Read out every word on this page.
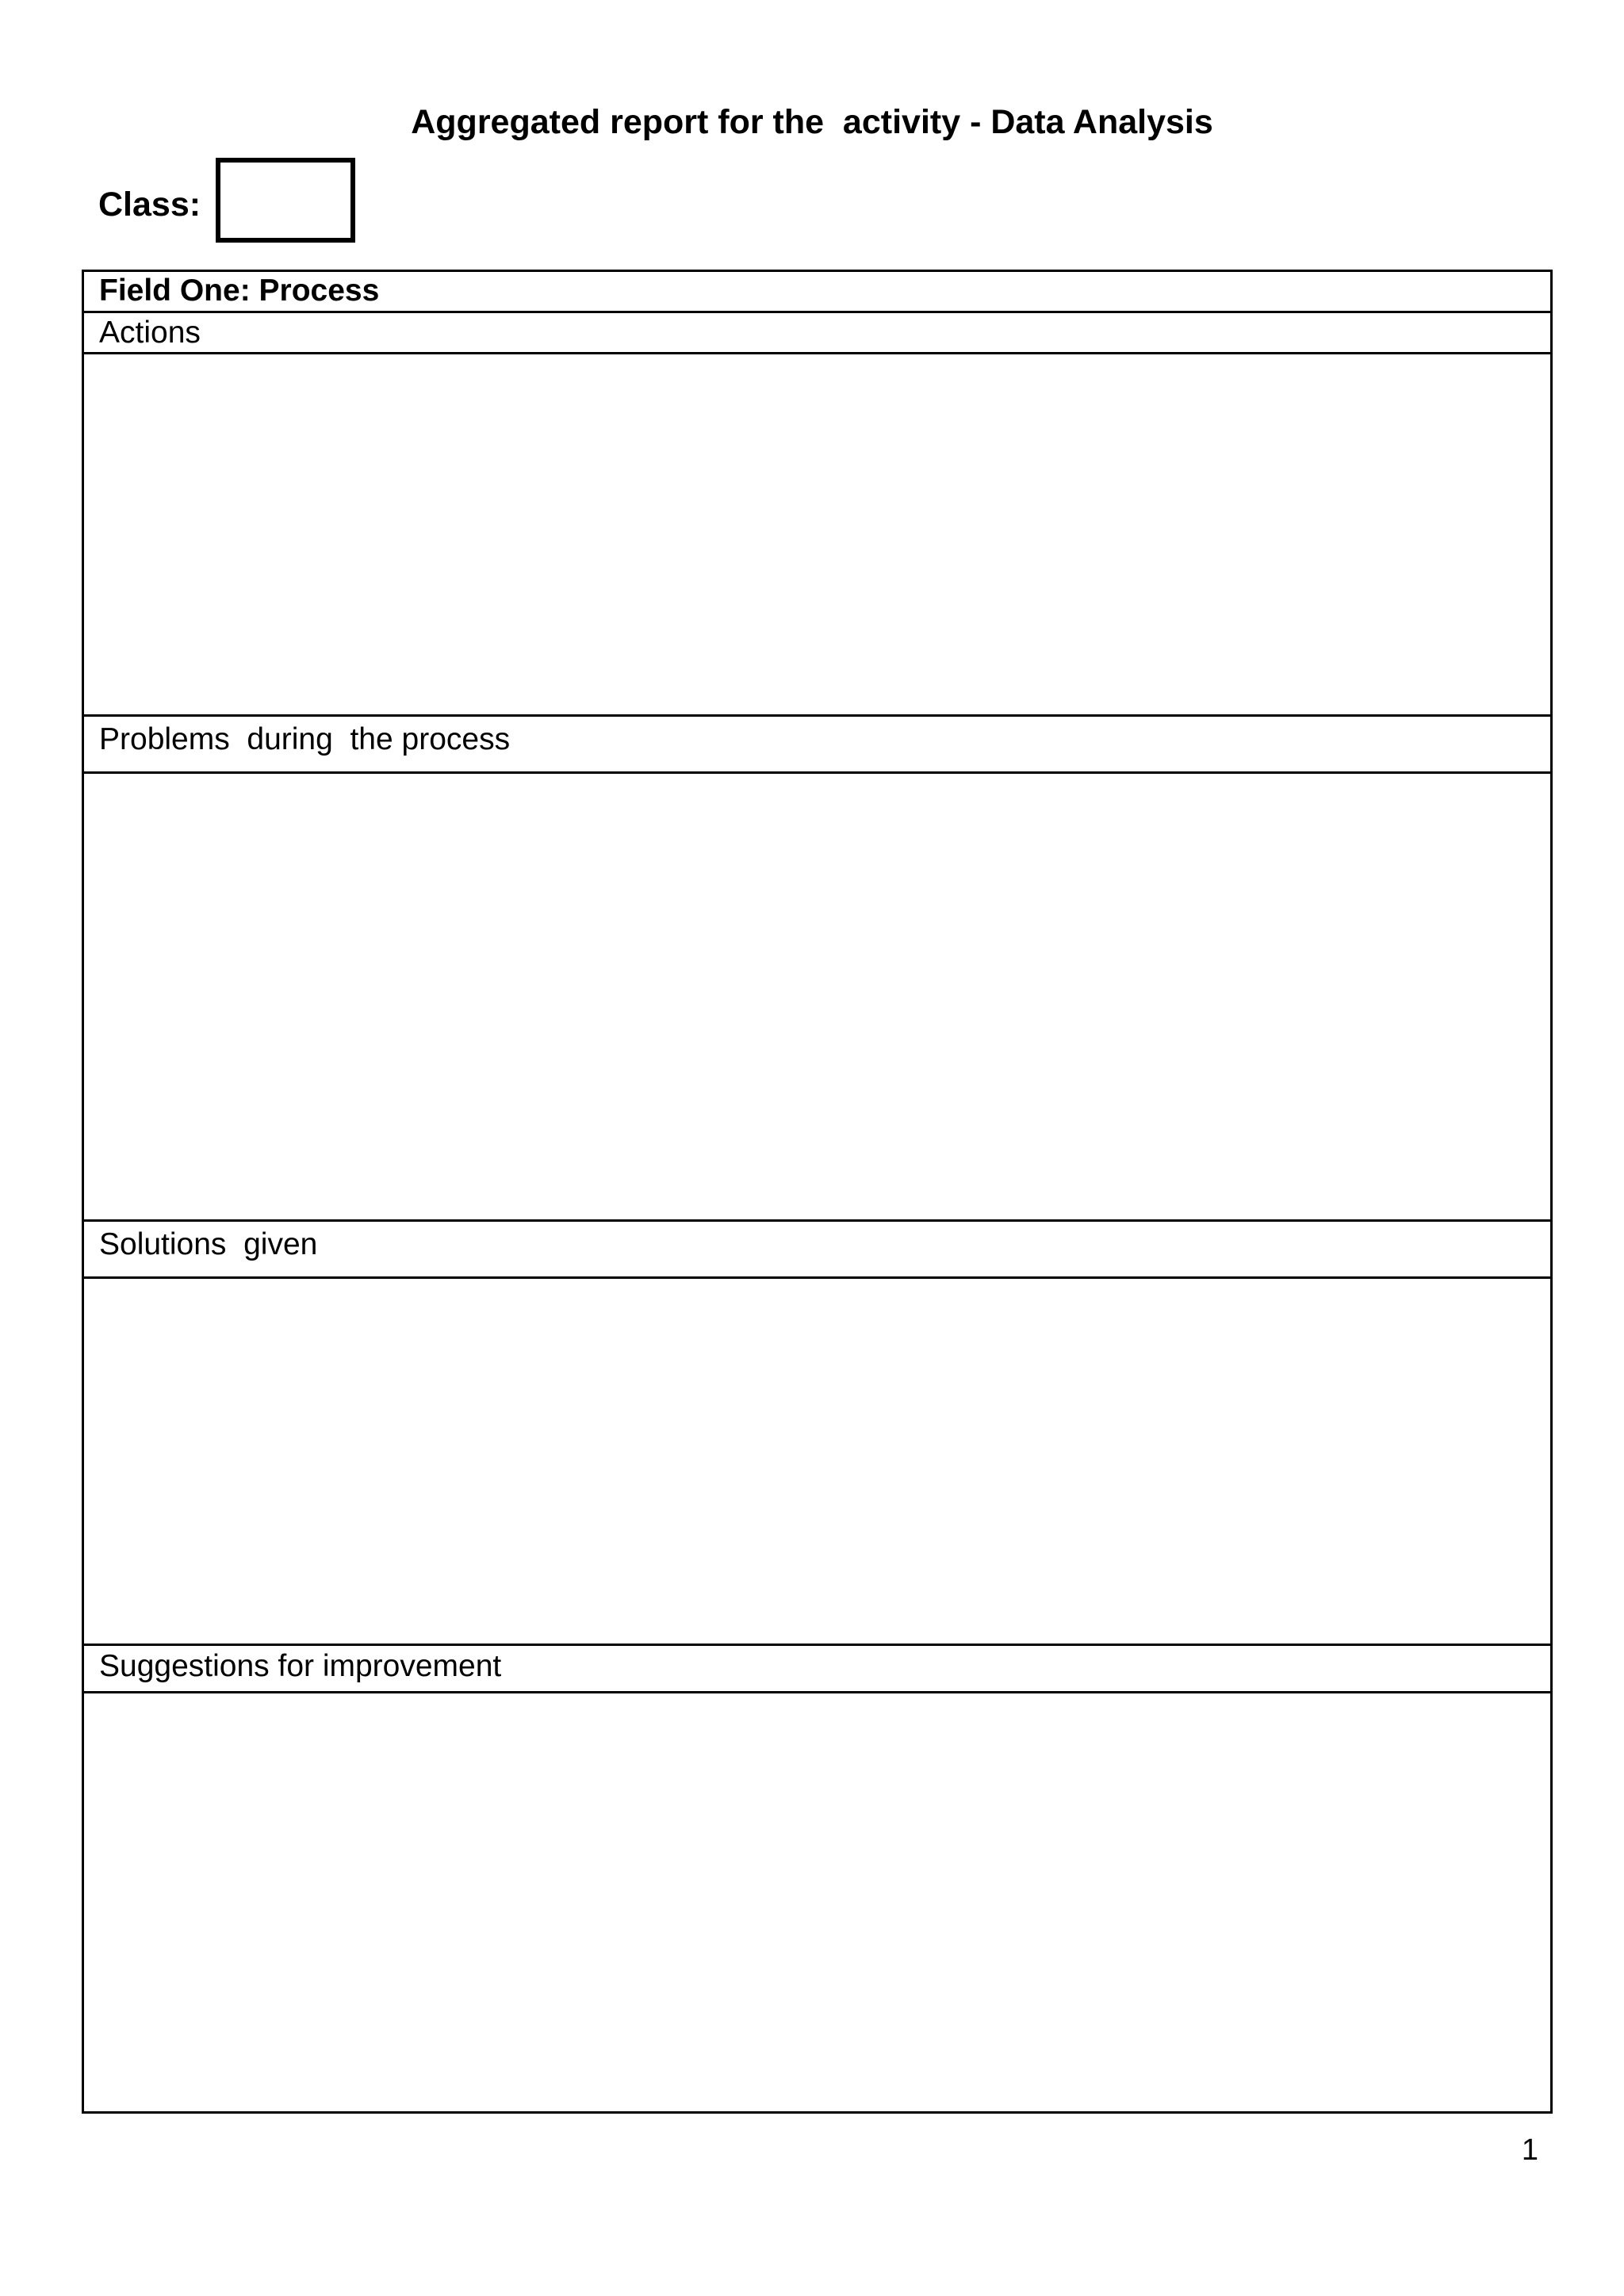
Aggregated report for the  activity - Data Analysis
Class:
Field One: Process
Actions
Problems  during  the process
Solutions  given
Suggestions for improvement
1
